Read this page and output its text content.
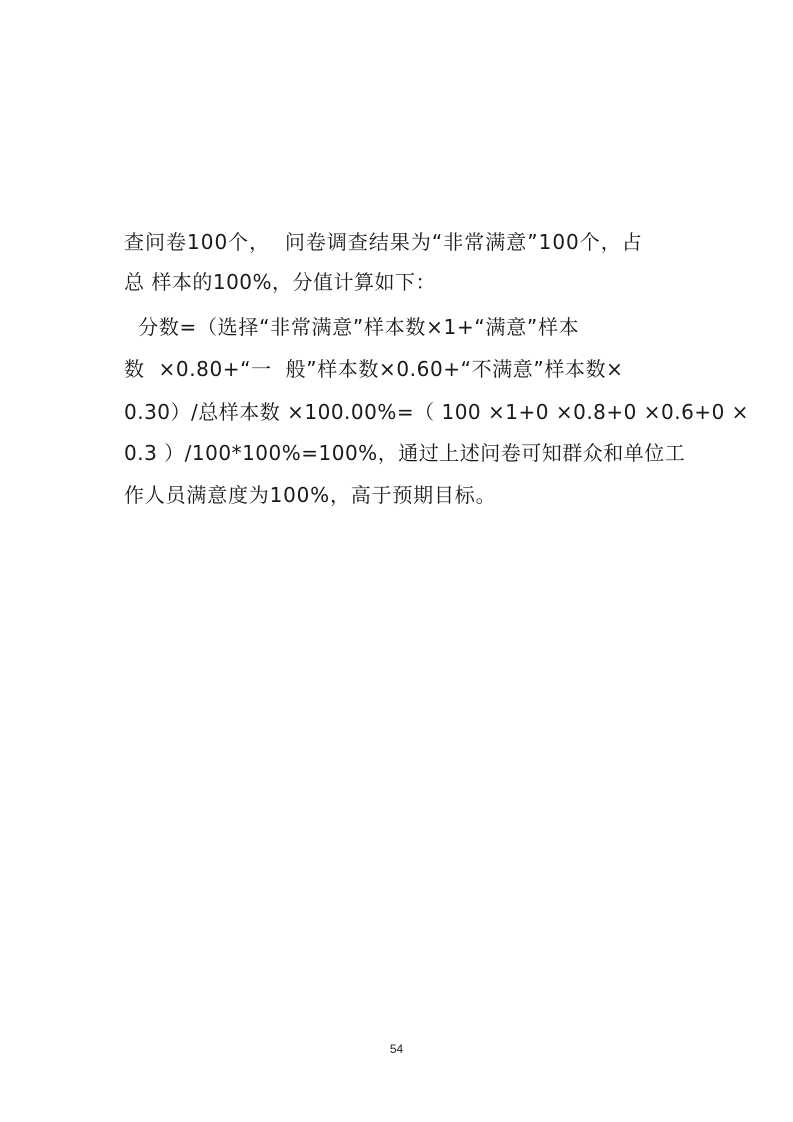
查问卷100个，  问卷调查结果为“非常满意”100个，占
总 样本的100%，分值计算如下：
分数=（选择“非常满意”样本数×1+“满意”样本
数  ×0.80+“一  般”样本数×0.60+“不满意”样本数×
0.30）/总样本数 ×100.00%=（ 100 ×1+0 ×0.8+0 ×0.6+0 ×
0.3 ）/100*100%=100%，通过上述问卷可知群众和单位工
作人员满意度为100%，高于预期目标。
54
